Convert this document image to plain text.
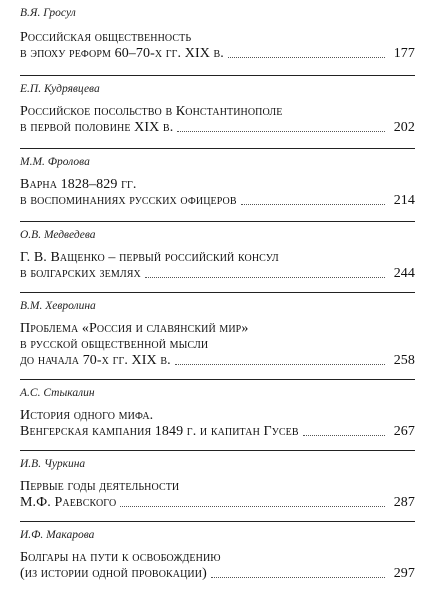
В.Я. Гросул
Российская общественность
в эпоху реформ 60–70-х гг. XIX в.	177
Е.П. Кудрявцева
Российское посольство в Константинополе
в первой половине XIX в.	202
М.М. Фролова
Варна 1828–829 гг.
в воспоминаниях русских офицеров	214
О.В. Медведева
Г. В. Ващенко – первый российский консул
в болгарских землях	244
В.М. Хевролина
Проблема «Россия и славянский мир»
в русской общественной мысли
до начала 70-х гг. XIX в.	258
А.С. Стыкалин
История одного мифа.
Венгерская кампания 1849 г. и капитан Гусев	267
И.В. Чуркина
Первые годы деятельности
М.Ф. Раевского	287
И.Ф. Макарова
Болгары на пути к освобождению
(из истории одной провокации)	297
